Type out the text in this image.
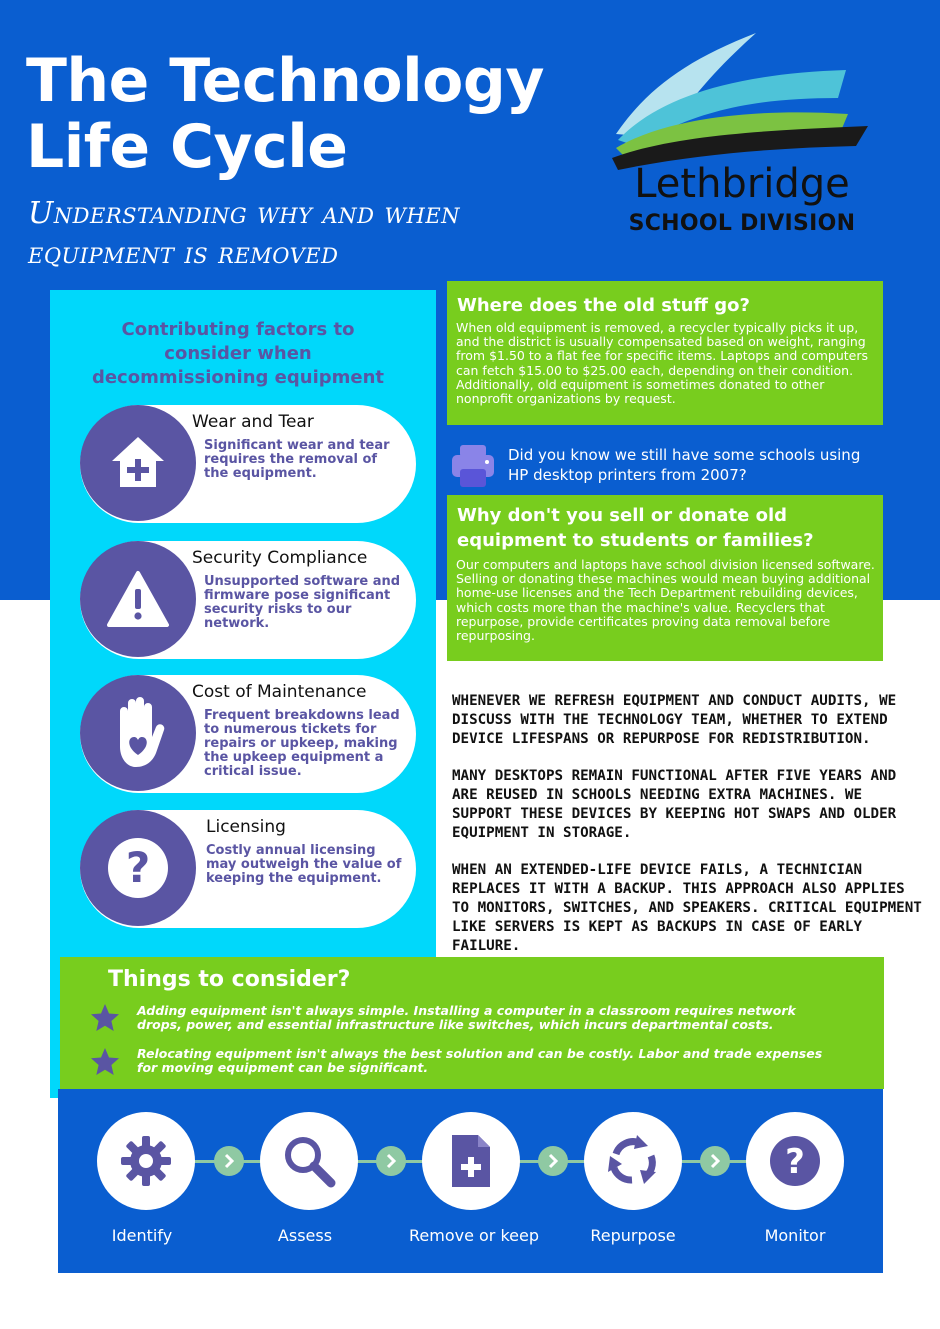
The Technology
Life Cycle
Understanding why and when
equipment is removed
Lethbridge
SCHOOL DIVISION
Contributing factors to consider when decommissioning equipment
Wear and Tear
Significant wear and tear requires the removal of the equipment.
Security Compliance
Unsupported software and firmware pose significant security risks to our network.
Cost of Maintenance
Frequent breakdowns lead to numerous tickets for repairs or upkeep, making the upkeep equipment a critical issue.
?
Licensing
Costly annual licensing may outweigh the value of keeping the equipment.
Where does the old stuff go?
When old equipment is removed, a recycler typically picks it up, and the district is usually compensated based on weight, ranging from $1.50 to a flat fee for specific items. Laptops and computers can fetch $15.00 to $25.00 each, depending on their condition. Additionally, old equipment is sometimes donated to other nonprofit organizations by request.
Did you know we still have some schools using HP desktop printers from 2007?
Why don't you sell or donate old
equipment to students or families?
Our computers and laptops have school division licensed software. Selling or donating these machines would mean buying additional home-use licenses and the Tech Department rebuilding devices, which costs more than the machine's value. Recyclers that repurpose, provide certificates proving data removal before repurposing.

WHENEVER WE REFRESH EQUIPMENT AND CONDUCT AUDITS, WE DISCUSS WITH THE TECHNOLOGY TEAM, WHETHER TO EXTEND DEVICE LIFESPANS OR REPURPOSE FOR REDISTRIBUTION.

MANY DESKTOPS REMAIN FUNCTIONAL AFTER FIVE YEARS AND ARE REUSED IN SCHOOLS NEEDING EXTRA MACHINES. WE SUPPORT THESE DEVICES BY KEEPING HOT SWAPS AND OLDER EQUIPMENT IN STORAGE.

WHEN AN EXTENDED-LIFE DEVICE FAILS, A TECHNICIAN REPLACES IT WITH A BACKUP. THIS APPROACH ALSO APPLIES TO MONITORS, SWITCHES, AND SPEAKERS. CRITICAL EQUIPMENT LIKE SERVERS IS KEPT AS BACKUPS IN CASE OF EARLY FAILURE.

Things to consider?
Adding equipment isn't always simple. Installing a computer in a classroom requires network drops, power, and essential infrastructure like switches, which incurs departmental costs.
Relocating equipment isn't always the best solution and can be costly. Labor and trade expenses for moving equipment can be significant.
?
Identify	Assess	Remove or keep	Repurpose	Monitor
